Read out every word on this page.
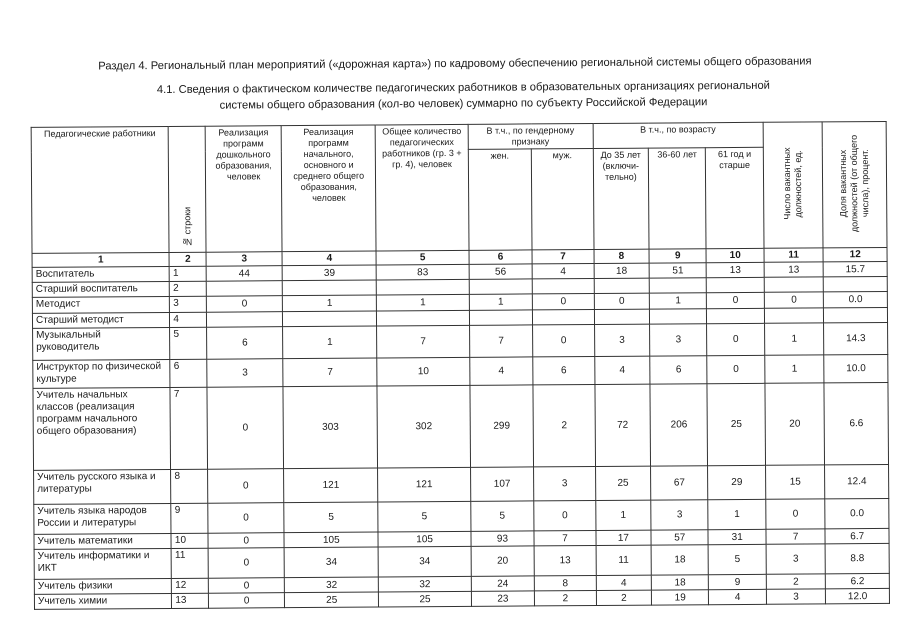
Раздел 4. Региональный план мероприятий («дорожная карта») по кадровому обеспечению региональной системы общего образования
4.1. Сведения о фактическом количестве педагогических работников в образовательных организациях региональной системы общего образования (кол-во человек) суммарно по субъекту Российской Федерации
Педагогические работники	№ строки	Реализация программ дошкольного образования, человек	Реализация программ начального, основного и среднего общего образования, человек	Общее количество педагогических работников (гр. 3 + гр. 4), человек	В т.ч., по гендерному признаку		В т.ч., по возрасту			Число вакантных должностей, ед.	Доля вакантных должностей (от общего числа), процент.
					жен.	муж.	До 35 лет (включи-тельно)	36-60 лет	61 год и старше		
1	2	3	4	5	6	7	8	9	10	11	12
Воспитатель	1	44	39	83	56	4	18	51	13	13	15.7
Старший воспитатель	2										
Методист	3	0	1	1	1	0	0	1	0	0	0.0
Старший методист	4										
Музыкальный руководитель	5	6	1	7	7	0	3	3	0	1	14.3
Инструктор по физической культуре	6	3	7	10	4	6	4	6	0	1	10.0
Учитель начальных классов (реализация программ начального общего образования)	7	0	303	302	299	2	72	206	25	20	6.6
Учитель русского языка и литературы	8	0	121	121	107	3	25	67	29	15	12.4
Учитель языка народов России и литературы	9	0	5	5	5	0	1	3	1	0	0.0
Учитель математики	10	0	105	105	93	7	17	57	31	7	6.7
Учитель информатики и ИКТ	11	0	34	34	20	13	11	18	5	3	8.8
Учитель физики	12	0	32	32	24	8	4	18	9	2	6.2
Учитель химии	13	0	25	25	23	2	2	19	4	3	12.0
